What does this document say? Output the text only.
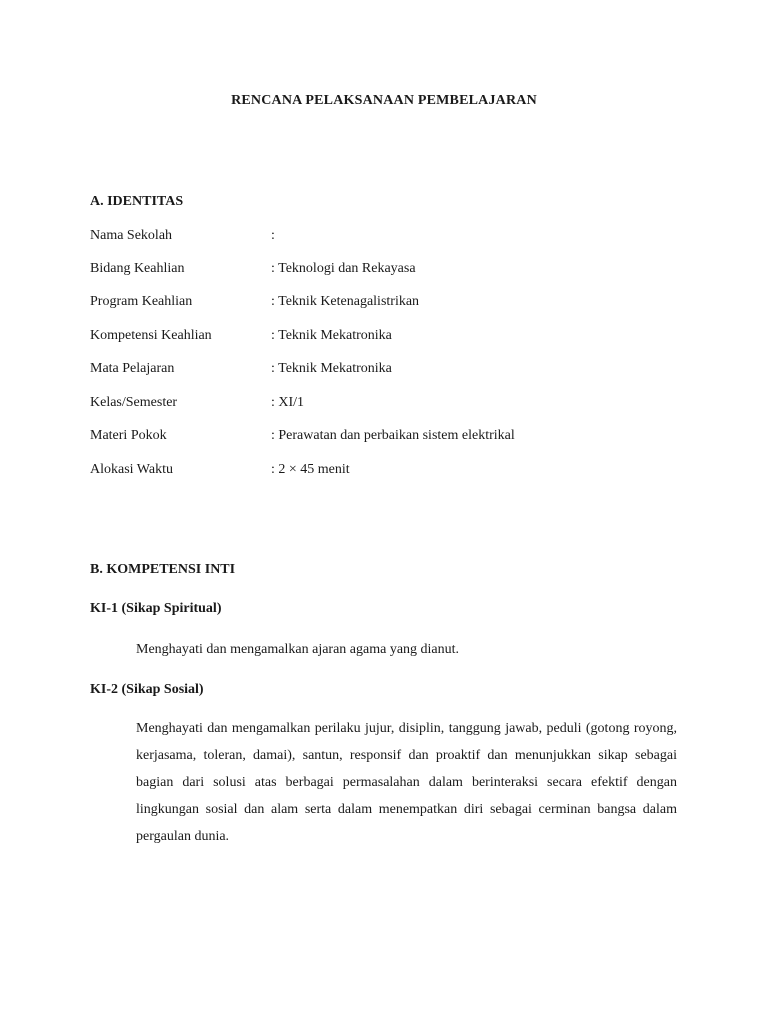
RENCANA PELAKSANAAN PEMBELAJARAN
A. IDENTITAS
Nama Sekolah	:
Bidang Keahlian	: Teknologi dan Rekayasa
Program Keahlian	: Teknik Ketenagalistrikan
Kompetensi Keahlian	: Teknik Mekatronika
Mata Pelajaran	: Teknik Mekatronika
Kelas/Semester	: XI/1
Materi Pokok	: Perawatan dan perbaikan sistem elektrikal
Alokasi Waktu	: 2 × 45 menit
B. KOMPETENSI INTI
KI-1 (Sikap Spiritual)
Menghayati dan mengamalkan ajaran agama yang dianut.
KI-2 (Sikap Sosial)
Menghayati dan mengamalkan perilaku jujur, disiplin, tanggung jawab, peduli (gotong royong, kerjasama, toleran, damai), santun, responsif dan proaktif dan menunjukkan sikap sebagai bagian dari solusi atas berbagai permasalahan dalam berinteraksi secara efektif dengan lingkungan sosial dan alam serta dalam menempatkan diri sebagai cerminan bangsa dalam pergaulan dunia.
